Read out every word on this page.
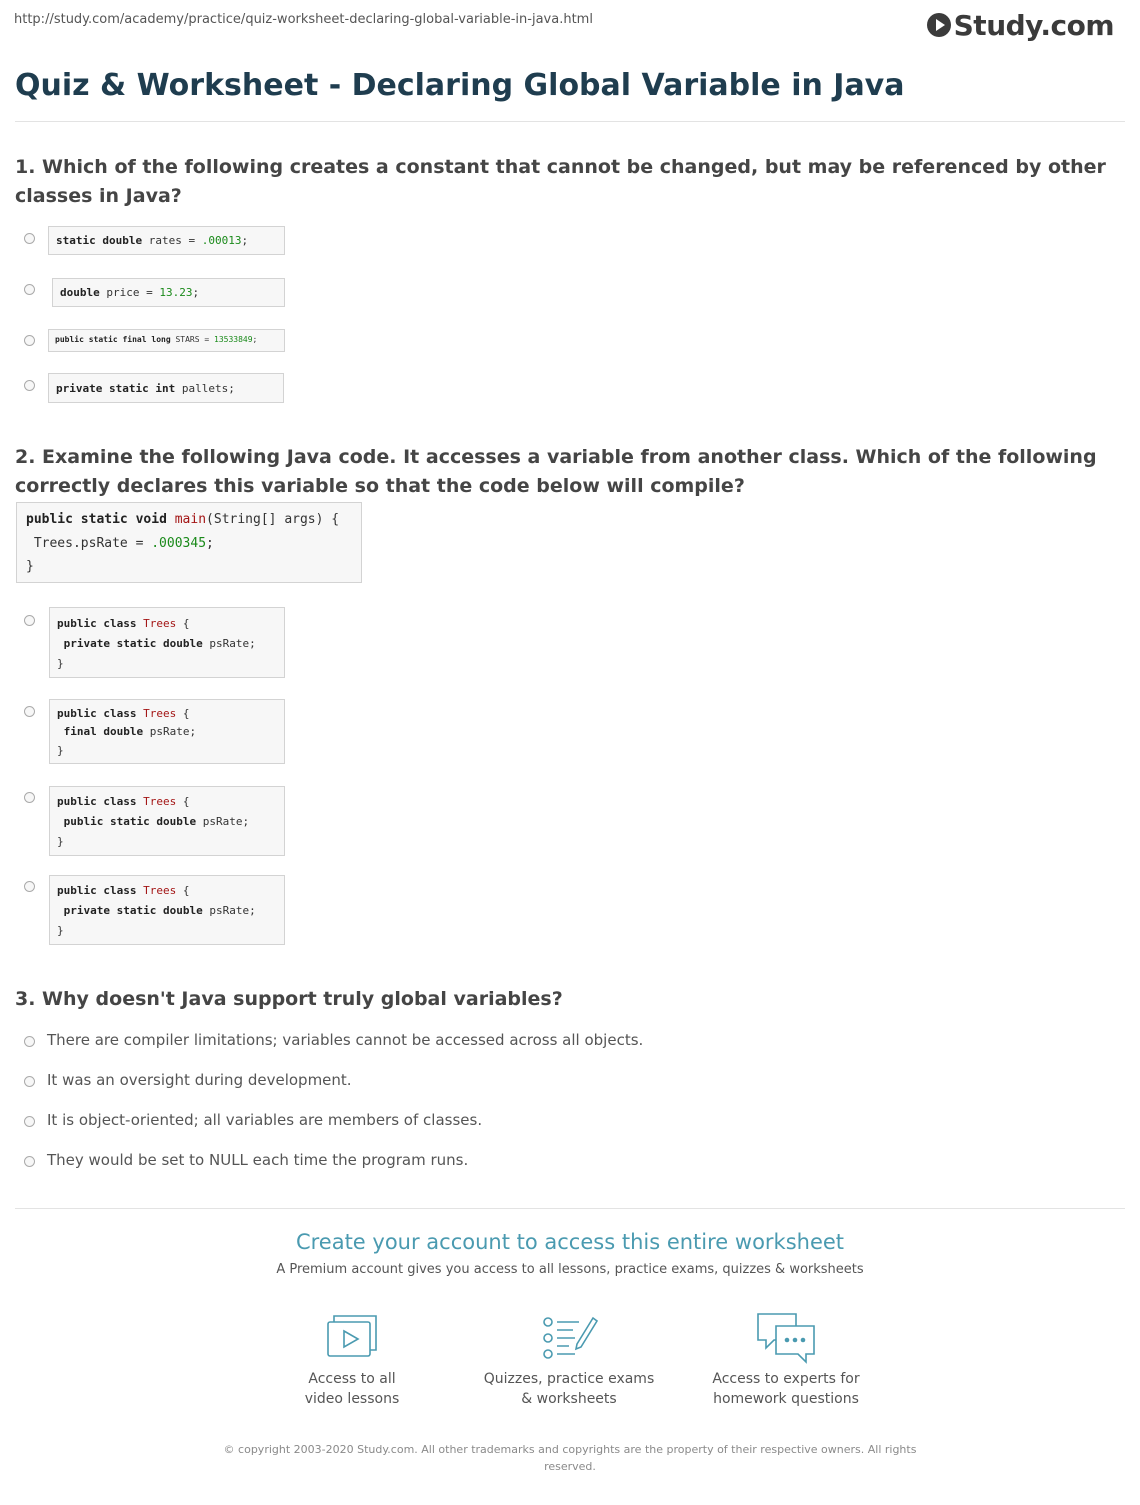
http://study.com/academy/practice/quiz-worksheet-declaring-global-variable-in-java.html	Study.com
Quiz & Worksheet - Declaring Global Variable in Java
1. Which of the following creates a constant that cannot be changed, but may be referenced by other classes in Java?

static double rates = .00013;

double price = 13.23;

public static final long STARS = 13533849;

private static int pallets;

2. Examine the following Java code. It accesses a variable from another class. Which of the following correctly declares this variable so that the code below will compile?

public static void main(String[] args) {

Trees.psRate = .000345;

}

public class Trees {

private static double psRate;

}

public class Trees {

final double psRate;

}

public class Trees {

public static double psRate;

}

public class Trees {

private static double psRate;

}

3. Why doesn't Java support truly global variables?
There are compiler limitations; variables cannot be accessed across all objects.
It was an oversight during development.
It is object-oriented; all variables are members of classes.
They would be set to NULL each time the program runs.
Create your account to access this entire worksheet
A Premium account gives you access to all lessons, practice exams, quizzes & worksheets
Access to all
video lessons
Quizzes, practice exams
& worksheets
Access to experts for
homework questions
© copyright 2003-2020 Study.com. All other trademarks and copyrights are the property of their respective owners. All rights reserved.
